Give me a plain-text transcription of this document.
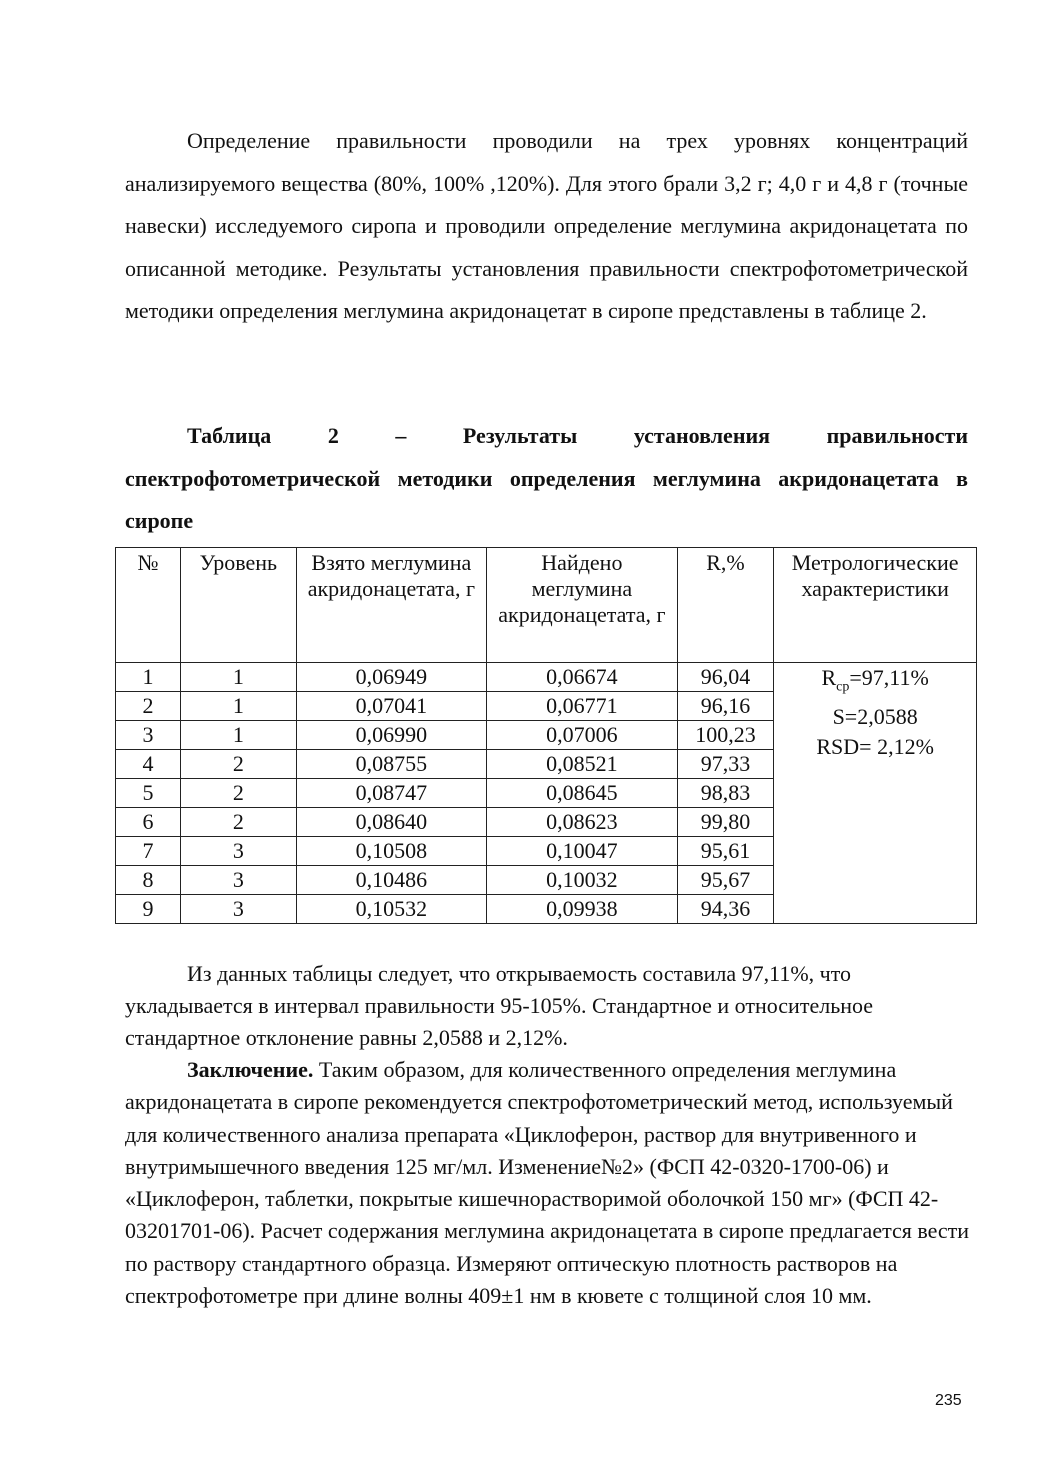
Определение правильности проводили на трех уровнях концентраций анализируемого вещества (80%, 100% ,120%). Для этого брали 3,2 г; 4,0 г и 4,8 г (точные навески) исследуемого сиропа и проводили определение меглумина акридонацетата по описанной методике. Результаты установления правильности спектрофотометрической методики определения меглумина акридонацетат в сиропе представлены в таблице 2.

Таблица 2 – Результаты установления правильности спектрофотометрической методики определения меглумина акридонацетата в сиропе

№	Уровень	Взято меглумина акридонацетата, г	Найдено меглумина акридонацетата, г	R,%	Метрологические характеристики
1	1	0,06949	0,06674	96,04	$R_{ср}=97,11\%$
S=2,0588
RSD= 2,12%

2	1	0,07041	0,06771	96,16	
3	1	0,06990	0,07006	100,23	
4	2	0,08755	0,08521	97,33	
5	2	0,08747	0,08645	98,83	
6	2	0,08640	0,08623	99,80	
7	3	0,10508	0,10047	95,61	
8	3	0,10486	0,10032	95,67	
9	3	0,10532	0,09938	94,36	

Из данных таблицы следует, что открываемость составила 97,11%, что укладывается в интервал правильности 95-105%. Стандартное и относительное стандартное отклонение равны 2,0588 и 2,12%.

Заключение. Таким образом, для количественного определения меглумина акридонацетата в сиропе рекомендуется спектрофотометрический метод, используемый для количественного анализа препарата «Циклоферон, раствор для внутривенного и внутримышечного введения 125 мг/мл. Изменение№2» (ФСП 42-0320-1700-06) и «Циклоферон, таблетки, покрытые кишечнорастворимой оболочкой 150 мг» (ФСП 42-03201701-06). Расчет содержания меглумина акридонацетата в сиропе предлагается вести по раствору стандартного образца. Измеряют оптическую плотность растворов на спектрофотометре при длине волны 409±1 нм в кювете с толщиной слоя 10 мм.

235
